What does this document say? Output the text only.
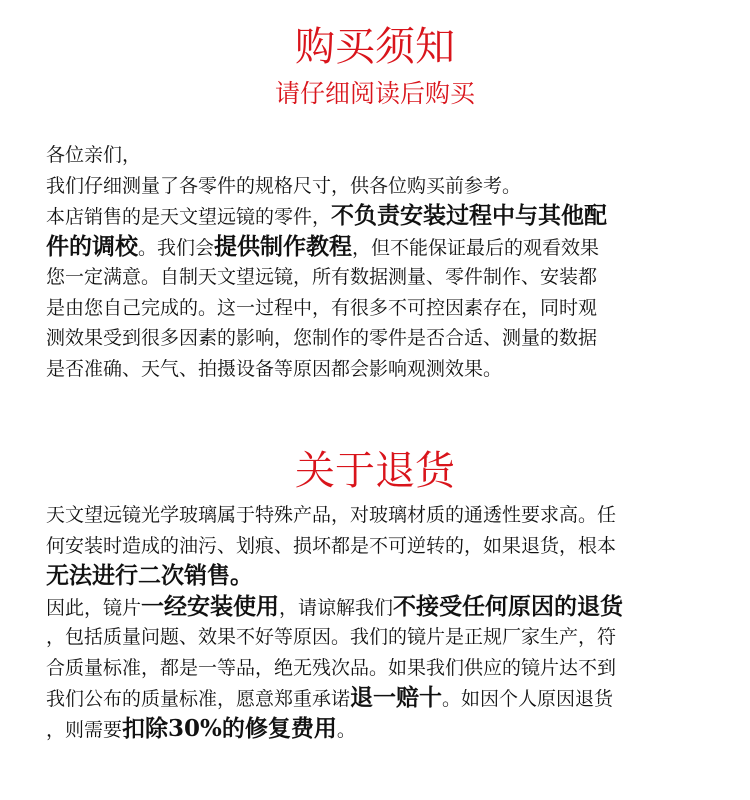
购买须知
请仔细阅读后购买
各位亲们，
我们仔细测量了各零件的规格尺寸，供各位购买前参考。
本店销售的是天文望远镜的零件，不负责安装过程中与其他配
件的调校。我们会提供制作教程，但不能保证最后的观看效果
您一定满意。自制天文望远镜，所有数据测量、零件制作、安装都
是由您自己完成的。这一过程中，有很多不可控因素存在，同时观
测效果受到很多因素的影响，您制作的零件是否合适、测量的数据
是否准确、天气、拍摄设备等原因都会影响观测效果。
关于退货
天文望远镜光学玻璃属于特殊产品，对玻璃材质的通透性要求高。任
何安装时造成的油污、划痕、损坏都是不可逆转的，如果退货，根本
无法进行二次销售。
因此，镜片一经安装使用，请谅解我们不接受任何原因的退货
，包括质量问题、效果不好等原因。我们的镜片是正规厂家生产，符
合质量标准，都是一等品，绝无残次品。如果我们供应的镜片达不到
我们公布的质量标准，愿意郑重承诺退一赔十。如因个人原因退货
，则需要扣除30%的修复费用。
